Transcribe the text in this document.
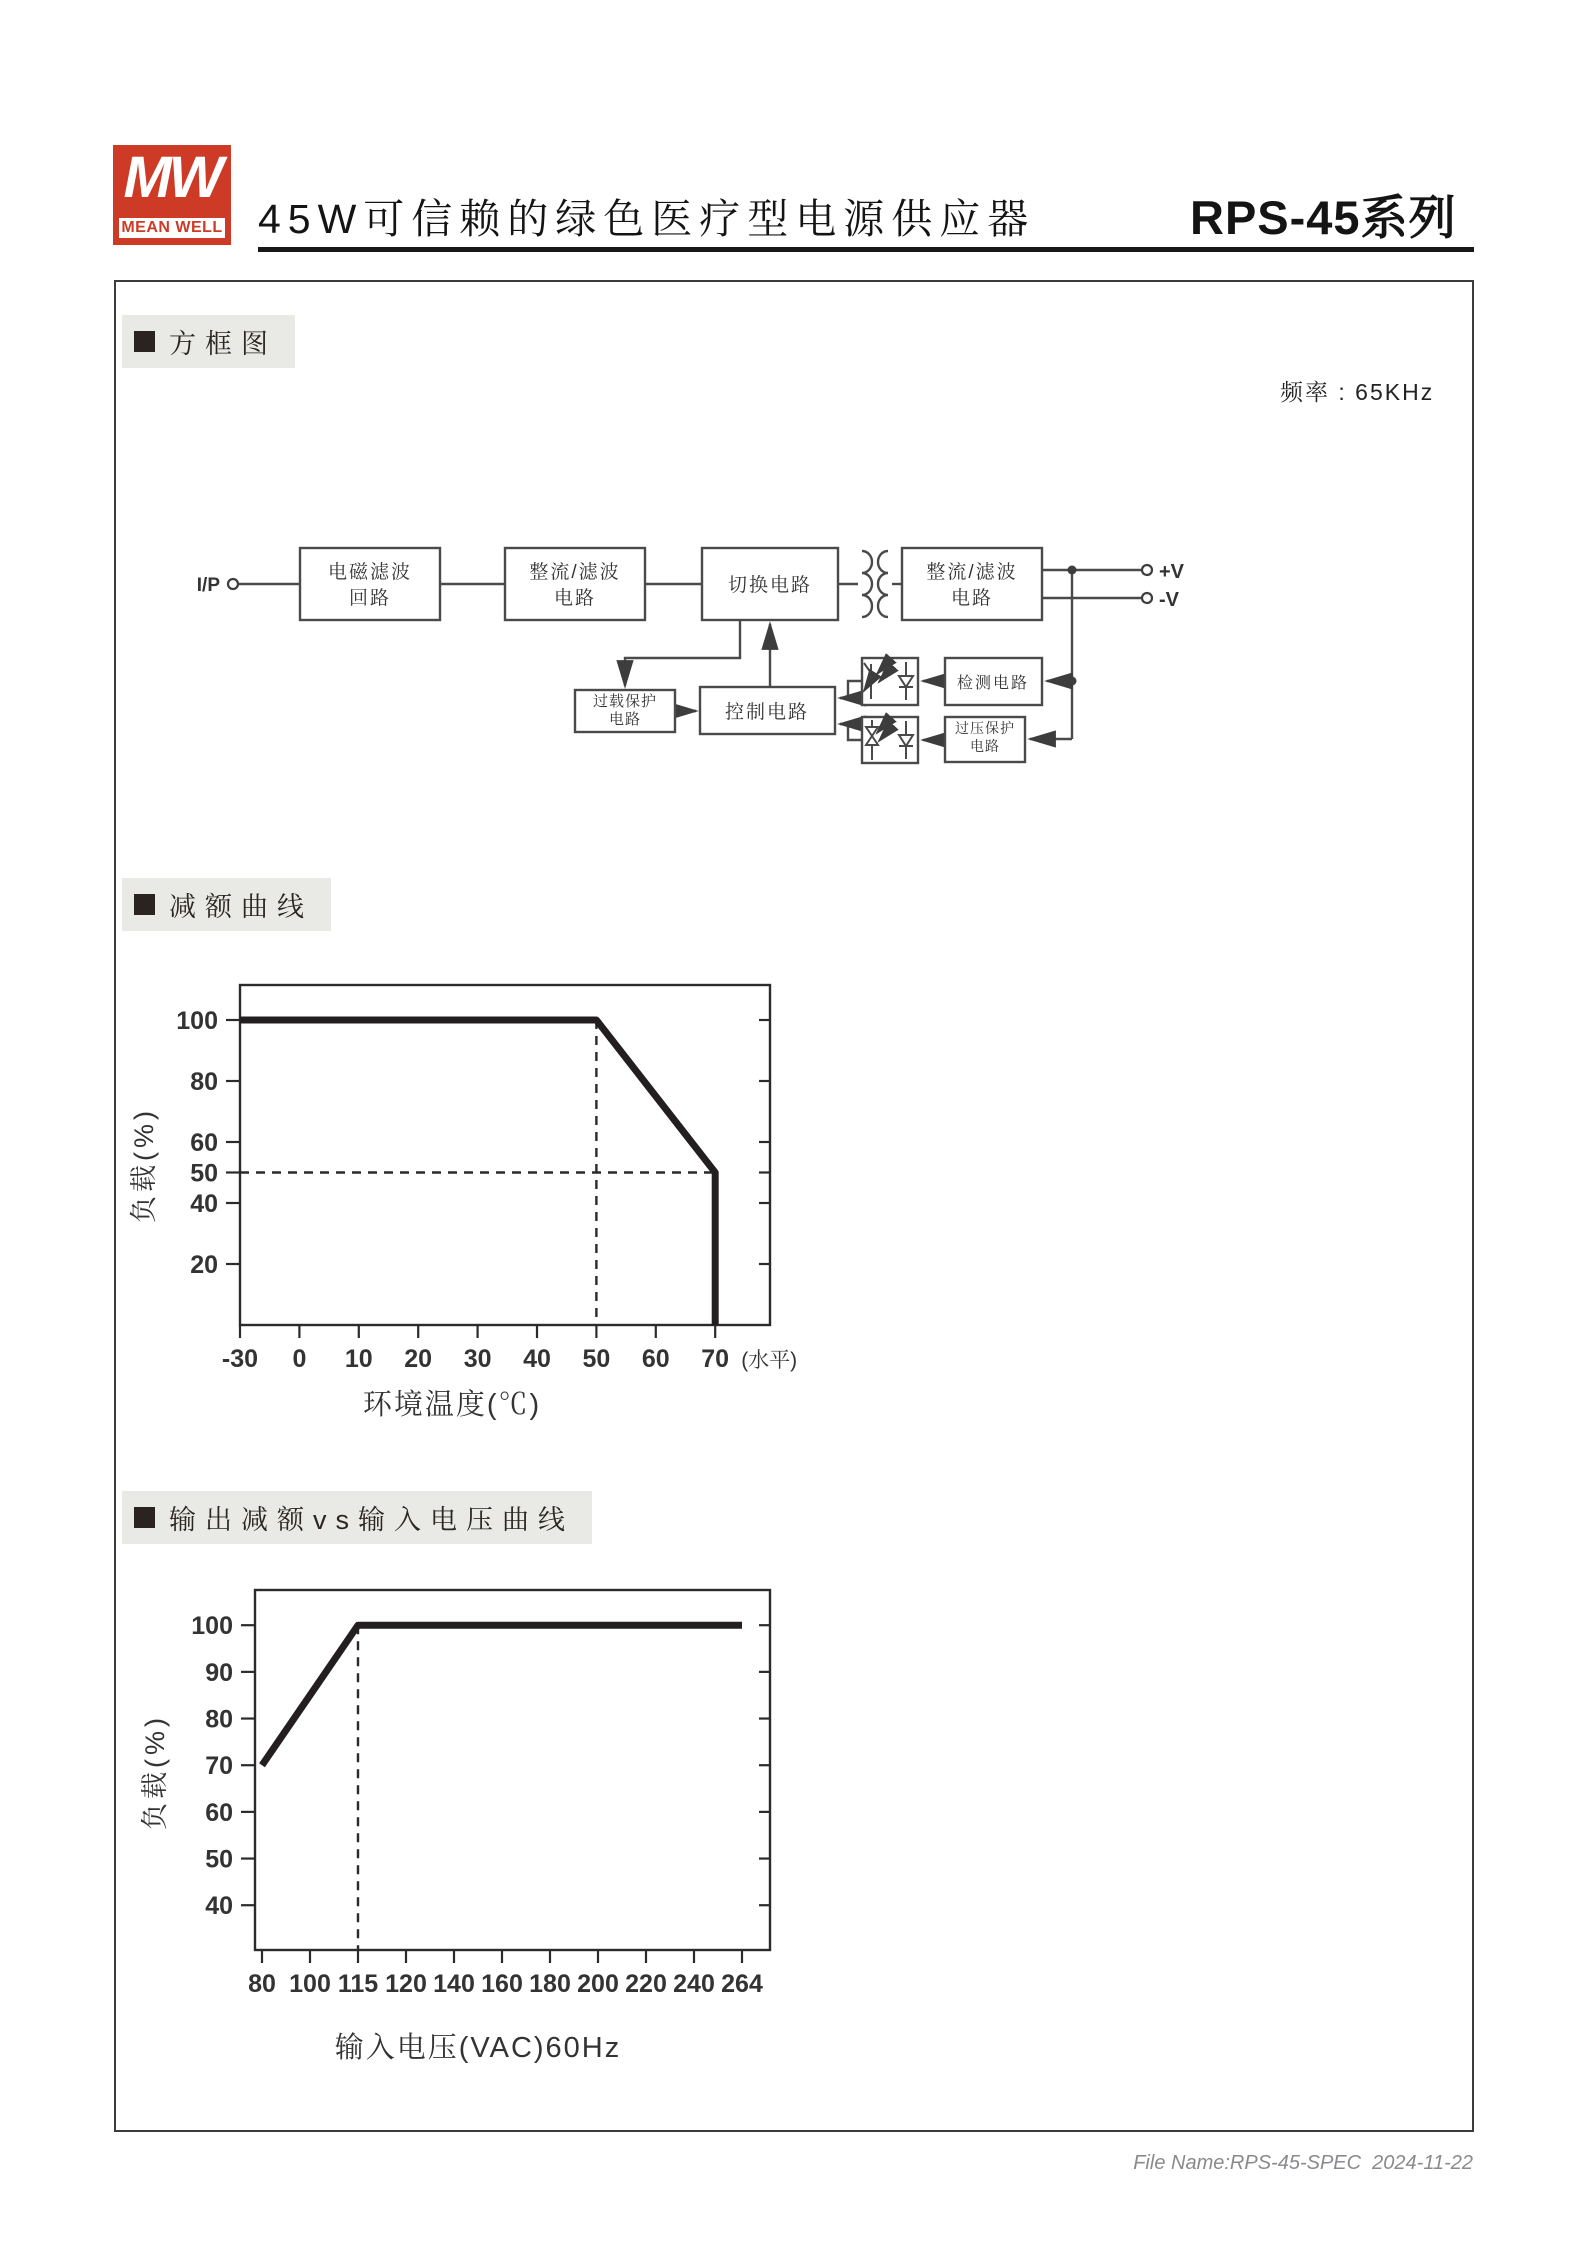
MW
MEAN WELL 45W可信赖的绿色医疗型电源供应器	RPS-45系列
方框图
频率 : 65KHz
I/P
电磁滤波
回路
整流/滤波
电路
切换电路
整流/滤波
电路
过载保护
电路	控制电路
检测电路
过压保护
电路
+V
-V
减额曲线
20
40
50
60
80
100
-30 0 10 20 30 40 50 60 70 (水平)
环境温度(℃)
负载(%)
输出减额vs输入电压曲线
40
50
60
70
80
90
100
80 100 115 120 140 160 180 200 220 240 264
输入电压(VAC)60Hz
负载(%)
File Name:RPS-45-SPEC  2024-11-22
